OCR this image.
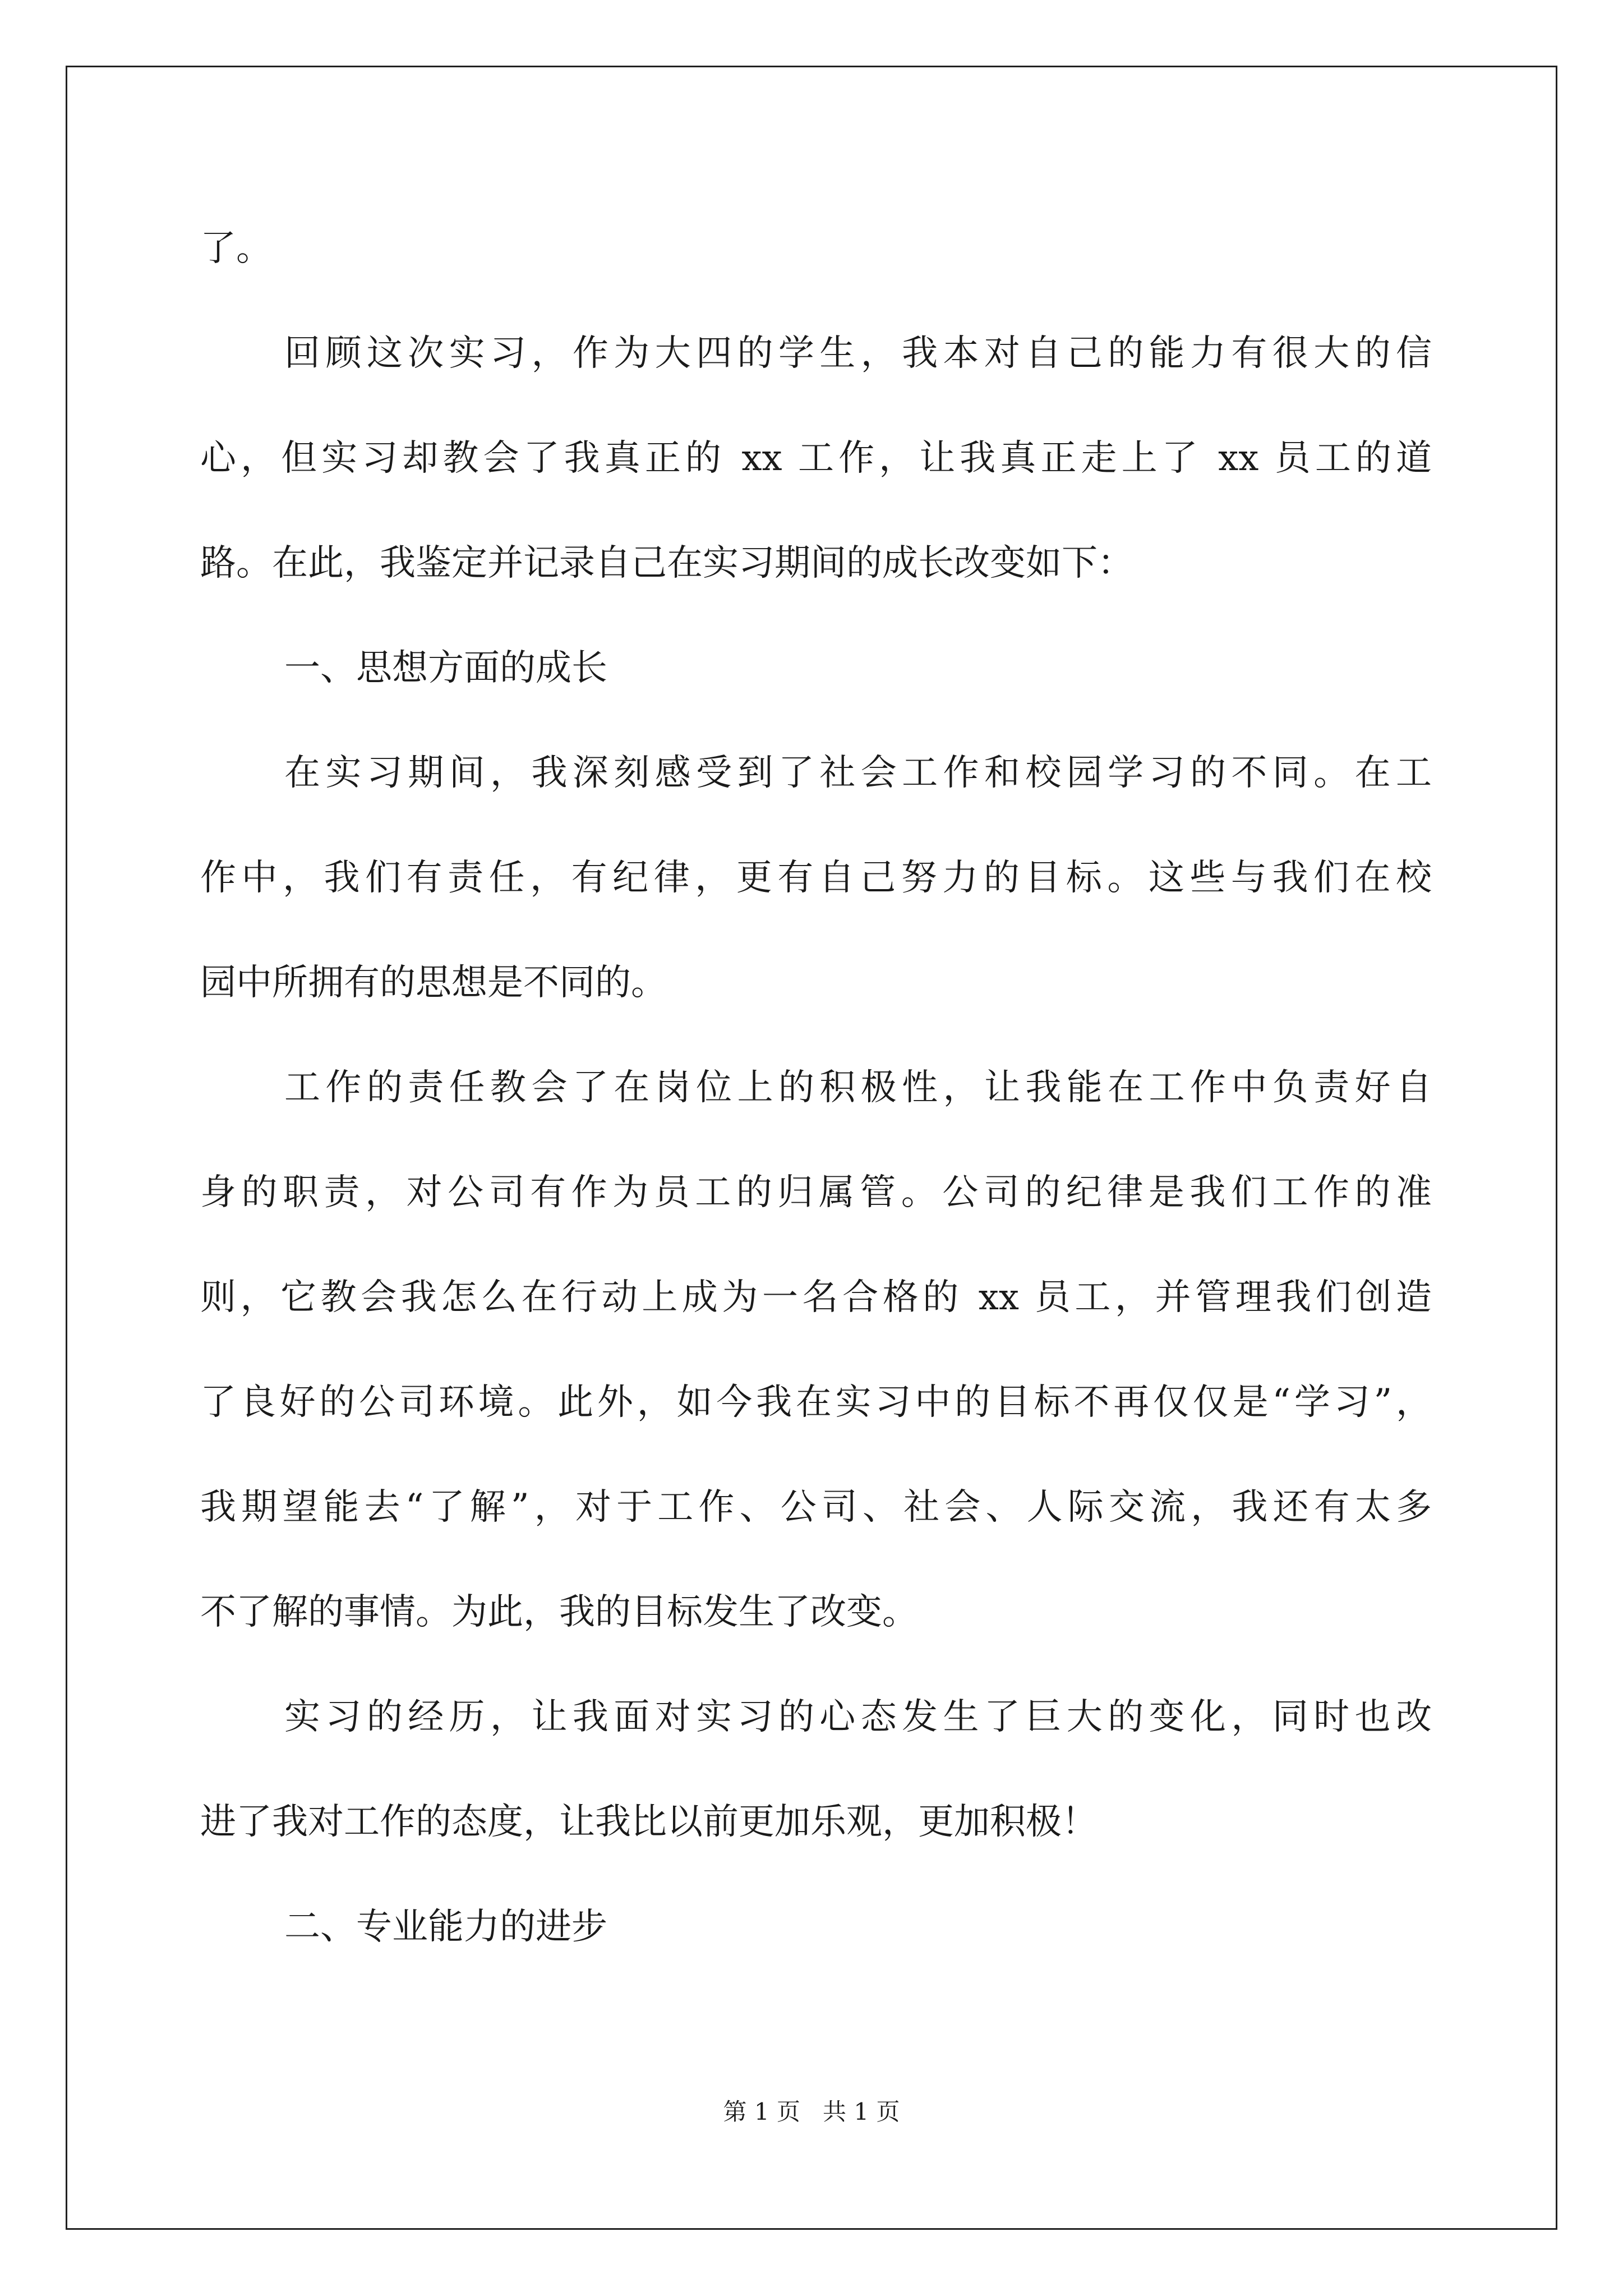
了。
回顾这次实习，作为大四的学生，我本对自己的能力有很大的信
心，但实习却教会了我真正的 xx 工作，让我真正走上了 xx 员工的道
路。在此，我鉴定并记录自己在实习期间的成长改变如下：
一、思想方面的成长
在实习期间，我深刻感受到了社会工作和校园学习的不同。在工
作中，我们有责任，有纪律，更有自己努力的目标。这些与我们在校
园中所拥有的思想是不同的。
工作的责任教会了在岗位上的积极性，让我能在工作中负责好自
身的职责，对公司有作为员工的归属管。公司的纪律是我们工作的准
则，它教会我怎么在行动上成为一名合格的 xx 员工，并管理我们创造
了良好的公司环境。此外，如今我在实习中的目标不再仅仅是“学习”，
我期望能去“了解”，对于工作、公司、社会、人际交流，我还有太多
不了解的事情。为此，我的目标发生了改变。
实习的经历，让我面对实习的心态发生了巨大的变化，同时也改
进了我对工作的态度，让我比以前更加乐观，更加积极！
二、专业能力的进步
第 1 页   共 1 页
